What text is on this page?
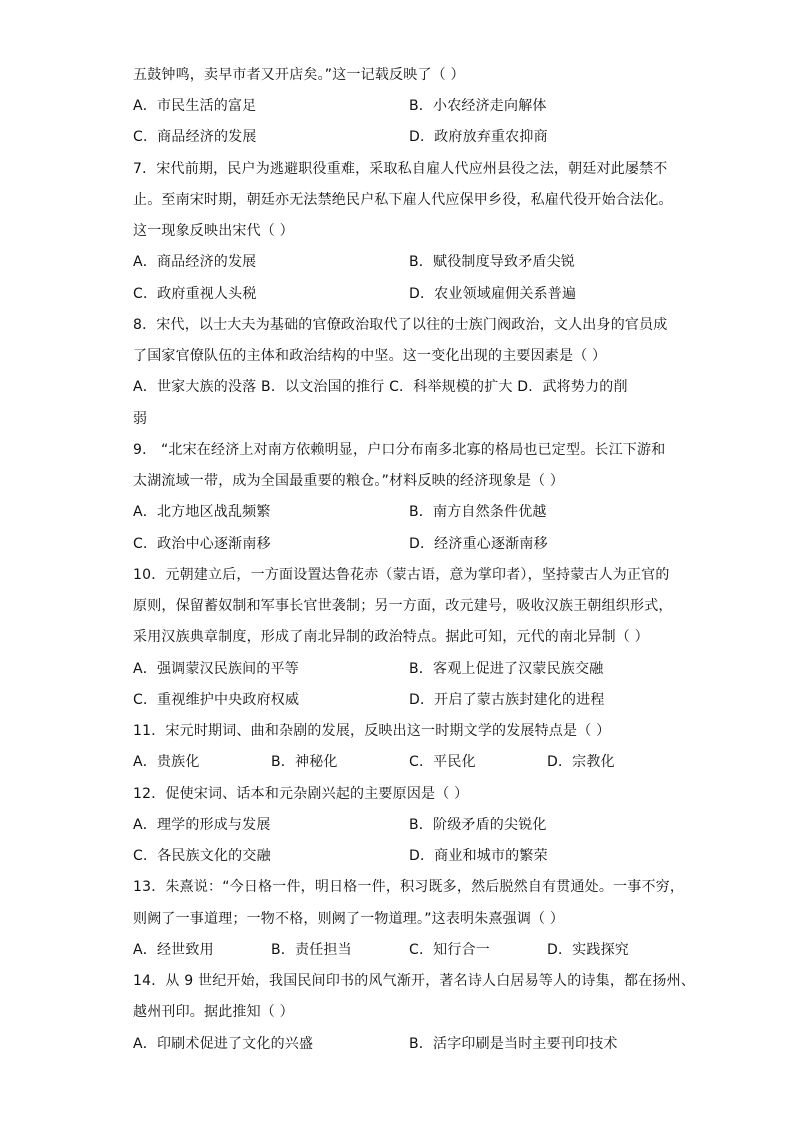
五鼓钟鸣，卖早市者又开店矣。”这一记载反映了（ ）
A．市民生活的富足	B．小农经济走向解体
C．商品经济的发展	D．政府放弃重农抑商
7．宋代前期，民户为逃避职役重难，采取私自雇人代应州县役之法，朝廷对此屡禁不
止。至南宋时期，朝廷亦无法禁绝民户私下雇人代应保甲乡役，私雇代役开始合法化。
这一现象反映出宋代（ ）
A．商品经济的发展	B．赋役制度导致矛盾尖锐
C．政府重视人头税	D．农业领域雇佣关系普遍
8．宋代，以士大夫为基础的官僚政治取代了以往的士族门阀政治，文人出身的官员成
了国家官僚队伍的主体和政治结构的中坚。这一变化出现的主要因素是（ ）
A．世家大族的没落 B．以文治国的推行 C．科举规模的扩大 D．武将势力的削
弱
9． “北宋在经济上对南方依赖明显，户口分布南多北寡的格局也已定型。长江下游和
太湖流域一带，成为全国最重要的粮仓。”材料反映的经济现象是（ ）
A．北方地区战乱频繁	B．南方自然条件优越
C．政治中心逐渐南移	D．经济重心逐渐南移
10．元朝建立后，一方面设置达鲁花赤（蒙古语，意为掌印者），坚持蒙古人为正官的
原则，保留蓄奴制和军事长官世袭制；另一方面，改元建号，吸收汉族王朝组织形式，
采用汉族典章制度，形成了南北异制的政治特点。据此可知，元代的南北异制（ ）
A．强调蒙汉民族间的平等	B．客观上促进了汉蒙民族交融
C．重视维护中央政府权威	D．开启了蒙古族封建化的进程
11．宋元时期词、曲和杂剧的发展，反映出这一时期文学的发展特点是（ ）
A．贵族化	B．神秘化	C．平民化	D．宗教化
12．促使宋词、话本和元杂剧兴起的主要原因是（ ）
A．理学的形成与发展	B．阶级矛盾的尖锐化
C．各民族文化的交融	D．商业和城市的繁荣
13．朱熹说：“今日格一件，明日格一件，积习既多，然后脱然自有贯通处。一事不穷，
则阙了一事道理；一物不格，则阙了一物道理。”这表明朱熹强调（ ）
A．经世致用	B．责任担当	C．知行合一	D．实践探究
14．从 9 世纪开始，我国民间印书的风气渐开，著名诗人白居易等人的诗集，都在扬州、
越州刊印。据此推知（ ）
A．印刷术促进了文化的兴盛	B．活字印刷是当时主要刊印技术
